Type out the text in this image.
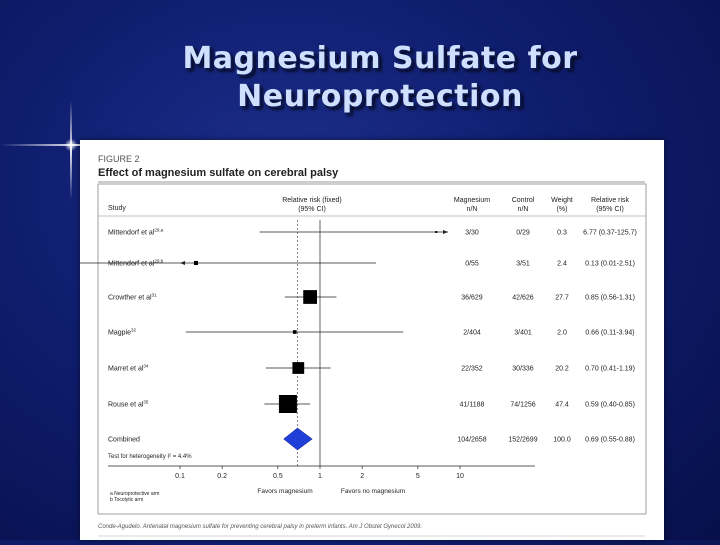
Magnesium Sulfate for
Neuroprotection
FIGURE 2
Effect of magnesium sulfate on cerebral palsy
Study
Relative risk (fixed)
(95% CI)
Magnesium
n/N
Control
n/N
Weight
(%)
Relative risk
(95% CI)
Mittendorf et al$^{29,a}$	3/30	0/29	0.3 6.77 (0.37-125.7)
Mittendorf et al$^{29,b}$	0/55	3/51	2.4	0.13 (0.01-2.51)
Crowther et $al^{31}$	36/629	42/626	27.7 0.85 (0.56-1.31)
Magpie$^{32}$	2/404	3/401	2.0	0.66 (0.11-3.94)
Marret et $al^{34}$	22/352	30/336	20.2 0.70 (0.41-1.19)
Rouse et $al^{35}$	41/1188	74/1256	47.4 0.59 (0.40-0.85)
Combined	104/2658	152/2699 100.0 0.69 (0.55-0.88)
0.1	0.2	0.5	1	2	5	10
Test for heterogeneity I² = 4.4%
Favors magnesium	Favors no magnesium
a Neuroprotective arm
b Tocolytic arm
Conde-Agudelo. Antenatal magnesium sulfate for preventing cerebral palsy in preterm infants. Am J Obstet Gynecol 2009.
